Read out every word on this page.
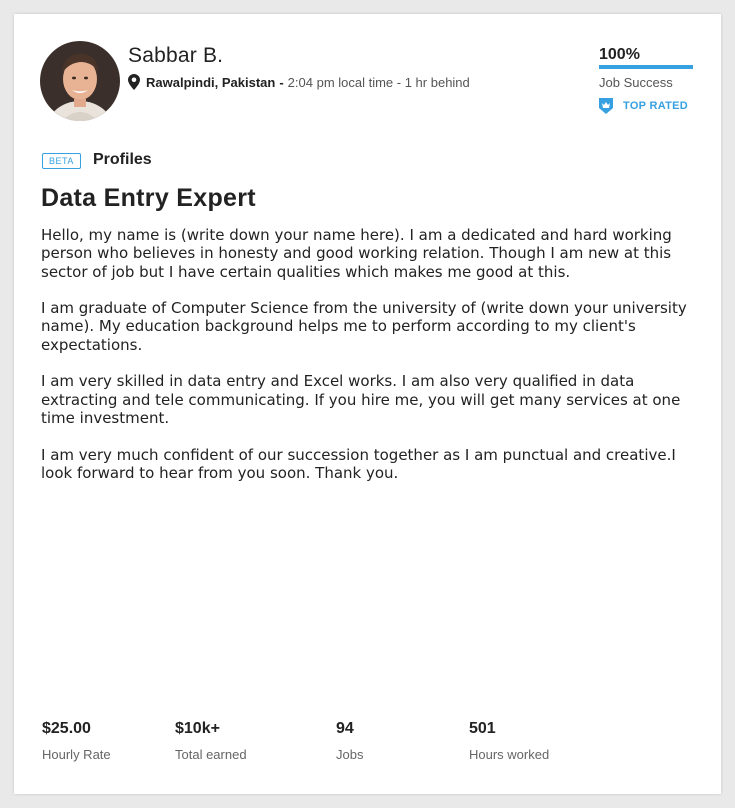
Sabbar B.
Rawalpindi, Pakistan - 2:04 pm local time - 1 hr behind
100%
Job Success
TOP RATED
BETA	Profiles
Data Entry Expert

Hello, my name is (write down your name here). I am a dedicated and hard working person who believes in honesty and good working relation. Though I am new at this sector of job but I have certain qualities which makes me good at this.

I am graduate of Computer Science from the university of (write down your university name). My education background helps me to perform according to my client's expectations.

I am very skilled in data entry and Excel works. I am also very qualified in data extracting and tele communicating. If you hire me, you will get many services at one time investment.

I am very much confident of our succession together as I am punctual and creative.I look forward to hear from you soon. Thank you.

$25.00
Hourly Rate
$10k+
Total earned
94
Jobs
501
Hours worked
